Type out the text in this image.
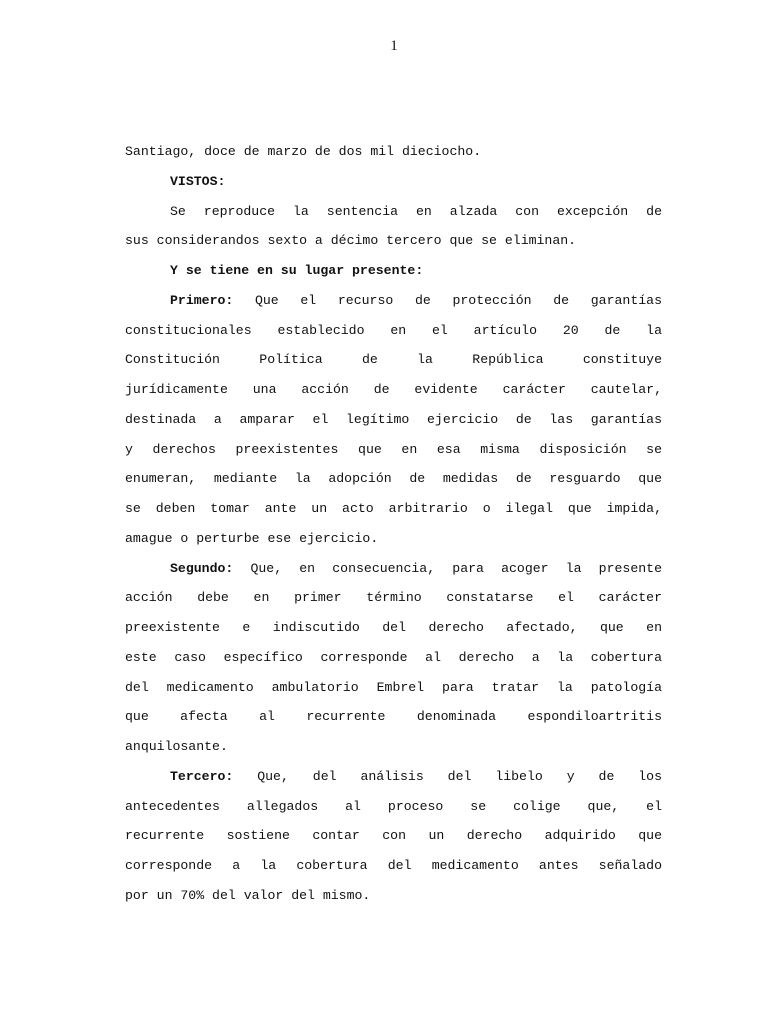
1
Santiago, doce de marzo de dos mil dieciocho.
VISTOS:
Se reproduce la sentencia en alzada con excepción de
sus considerandos sexto a décimo tercero que se eliminan.
Y se tiene en su lugar presente:
Primero: Que el recurso de protección de garantías
constitucionales establecido en el artículo 20 de la
Constitución Política de la República constituye
jurídicamente una acción de evidente carácter cautelar,
destinada a amparar el legítimo ejercicio de las garantías
y derechos preexistentes que en esa misma disposición se
enumeran, mediante la adopción de medidas de resguardo que
se deben tomar ante un acto arbitrario o ilegal que impida,
amague o perturbe ese ejercicio.
Segundo: Que, en consecuencia, para acoger la presente
acción debe en primer término constatarse el carácter
preexistente e indiscutido del derecho afectado, que en
este caso específico corresponde al derecho a la cobertura
del medicamento ambulatorio Embrel para tratar la patología
que afecta al recurrente denominada espondiloartritis
anquilosante.
Tercero: Que, del análisis del libelo y de los
antecedentes allegados al proceso se colige que, el
recurrente sostiene contar con un derecho adquirido que
corresponde a la cobertura del medicamento antes señalado
por un 70% del valor del mismo.
